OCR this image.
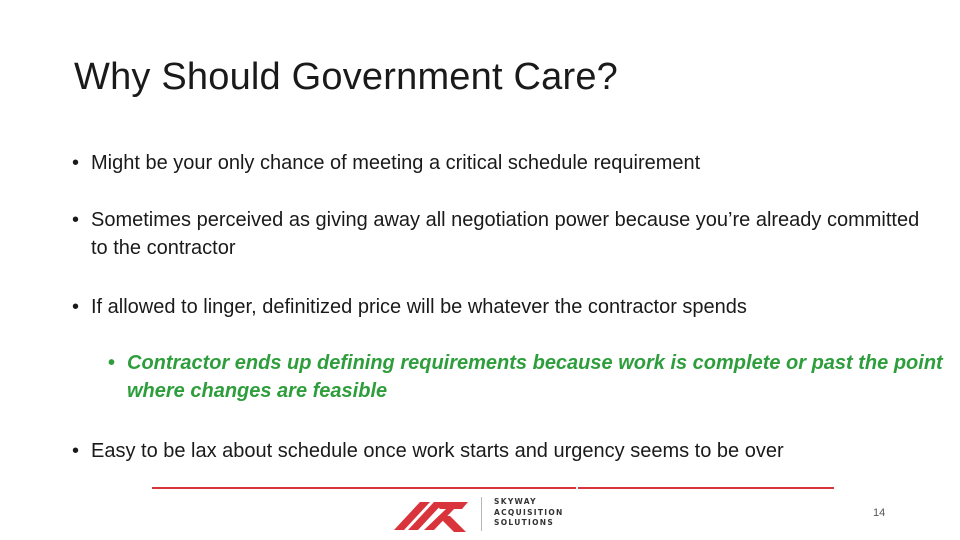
Why Should Government Care?
• Might be your only chance of meeting a critical schedule requirement
• Sometimes perceived as giving away all negotiation power because you’re already committed to the contractor
• If allowed to linger, definitized price will be whatever the contractor spends
• Contractor ends up defining requirements because work is complete or past the point where changes are feasible
• Easy to be lax about schedule once work starts and urgency seems to be over
SKYWAY
ACQUISITION
SOLUTIONS
14
